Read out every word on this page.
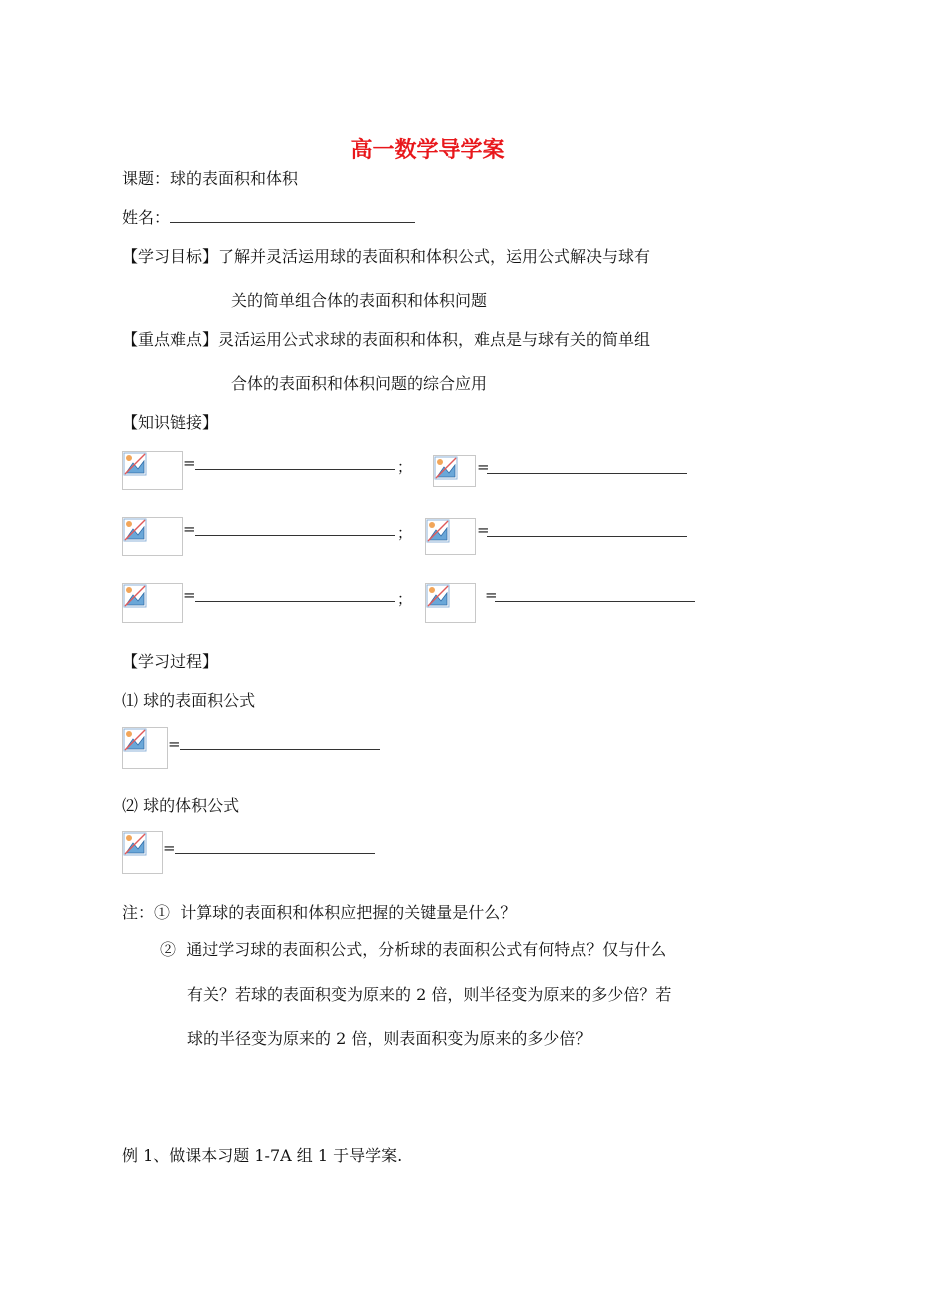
高一数学导学案
课题：球的表面积和体积
姓名：
【学习目标】了解并灵活运用球的表面积和体积公式，运用公式解决与球有
关的简单组合体的表面积和体积问题
【重点难点】灵活运用公式求球的表面积和体积，难点是与球有关的简单组
合体的表面积和体积问题的综合应用
【知识链接】
【学习过程】
⑴ 球的表面积公式
⑵ 球的体积公式
注：① 计算球的表面积和体积应把握的关键量是什么？
② 通过学习球的表面积公式，分析球的表面积公式有何特点？仅与什么
有关？若球的表面积变为原来的 2 倍，则半径变为原来的多少倍？若
球的半径变为原来的 2 倍，则表面积变为原来的多少倍？
例 1、做课本习题 1-7A 组 1 于导学案.
=	；	=
=	；	=
=	；	=
=
=
